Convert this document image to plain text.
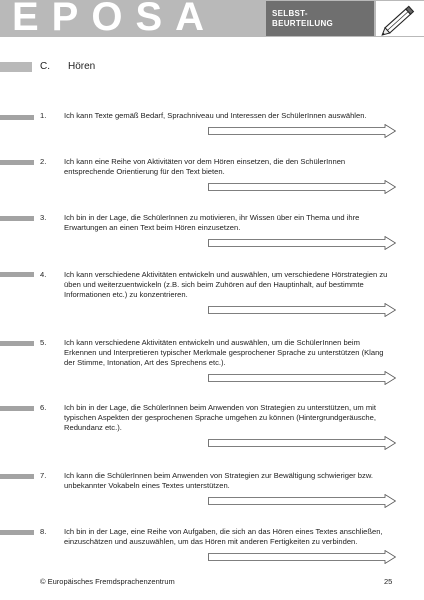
EPOSA	SELBST-
BEURTEILUNG
C. Hören
1. Ich kann Texte gemäß Bedarf, Sprachniveau und Interessen der SchülerInnen auswählen.
2. Ich kann eine Reihe von Aktivitäten vor dem Hören einsetzen, die den SchülerInnen entsprechende Orientierung für den Text bieten.
3. Ich bin in der Lage, die SchülerInnen zu motivieren, ihr Wissen über ein Thema und ihre Erwartungen an einen Text beim Hören einzusetzen.
4. Ich kann verschiedene Aktivitäten entwickeln und auswählen, um verschiedene Hörstrategien zu üben und weiterzuentwickeln (z.B. sich beim Zuhören auf den Hauptinhalt, auf bestimmte Informationen etc.) zu konzentrieren.
5. Ich kann verschiedene Aktivitäten entwickeln und auswählen, um die SchülerInnen beim Erkennen und Interpretieren typischer Merkmale gesprochener Sprache zu unterstützen (Klang der Stimme, Intonation, Art des Sprechens etc.).
6. Ich bin in der Lage, die SchülerInnen beim Anwenden von Strategien zu unterstützen, um mit typischen Aspekten der gesprochenen Sprache umgehen zu können (Hintergrundgeräusche, Redundanz etc.).
7. Ich kann die SchülerInnen beim Anwenden von Strategien zur Bewältigung schwieriger bzw. unbekannter Vokabeln eines Textes unterstützen.
8. Ich bin in der Lage, eine Reihe von Aufgaben, die sich an das Hören eines Textes anschließen, einzuschätzen und auszuwählen, um das Hören mit anderen Fertigkeiten zu verbinden.
© Europäisches Fremdsprachenzentrum	25
